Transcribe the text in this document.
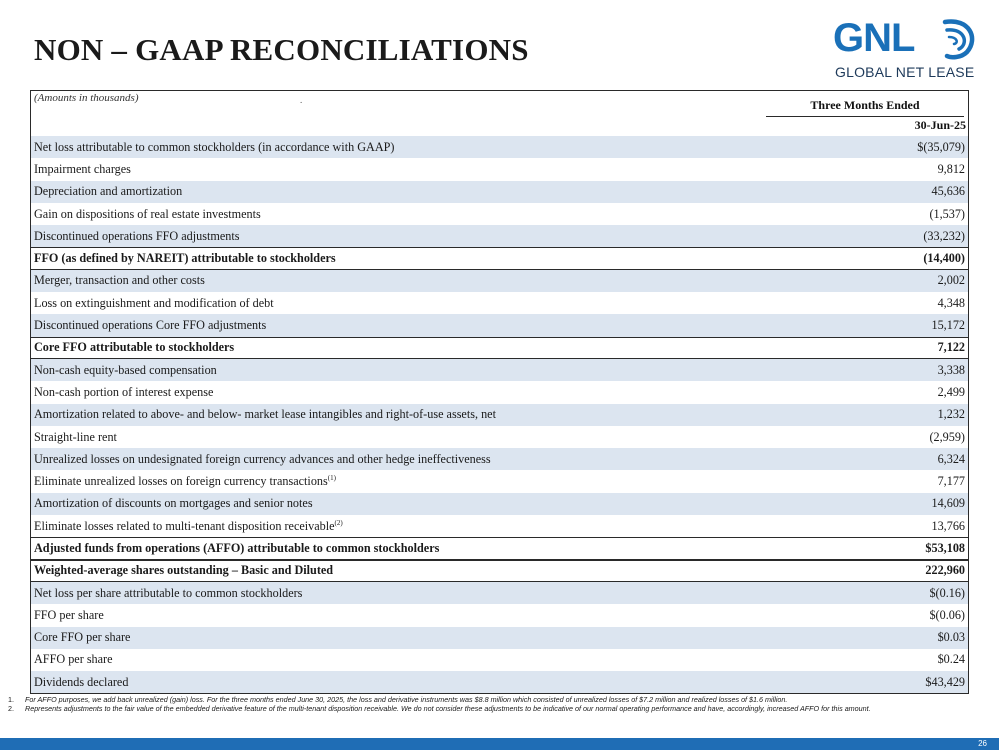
NON – GAAP RECONCILIATIONS	GNL
GLOBAL NET LEASE
(Amounts in thousands)	.	Three Months Ended
30-Jun-25
Net loss attributable to common stockholders (in accordance with GAAP)	$(35,079)
Impairment charges	9,812
Depreciation and amortization	45,636
Gain on dispositions of real estate investments	(1,537)
Discontinued operations FFO adjustments	(33,232)
FFO (as defined by NAREIT) attributable to stockholders	(14,400)
Merger, transaction and other costs	2,002
Loss on extinguishment and modification of debt	4,348
Discontinued operations Core FFO adjustments	15,172
Core FFO attributable to stockholders	7,122
Non-cash equity-based compensation	3,338
Non-cash portion of interest expense	2,499
Amortization related to above- and below- market lease intangibles and right-of-use assets, net	1,232
Straight-line rent	(2,959)
Unrealized losses on undesignated foreign currency advances and other hedge ineffectiveness	6,324
Eliminate unrealized losses on foreign currency transactions$^{(1)}$	7,177
Amortization of discounts on mortgages and senior notes	14,609
Eliminate losses related to multi-tenant disposition receivable$^{(2)}$	13,766
Adjusted funds from operations (AFFO) attributable to common stockholders	$53,108
Weighted-average shares outstanding – Basic and Diluted	222,960
Net loss per share attributable to common stockholders	$(0.16)
FFO per share	$(0.06)
Core FFO per share	$0.03
AFFO per share	$0.24
Dividends declared	$43,429
1.	For AFFO purposes, we add back unrealized (gain) loss. For the three months ended June 30, 2025, the loss and derivative instruments was $8.8 million which consisted of unrealized losses of $7.2 million and realized losses of $1.6 million.
2.	Represents adjustments to the fair value of the embedded derivative feature of the multi-tenant disposition receivable. We do not consider these adjustments to be indicative of our normal operating performance and have, accordingly, increased AFFO for this amount.
26
